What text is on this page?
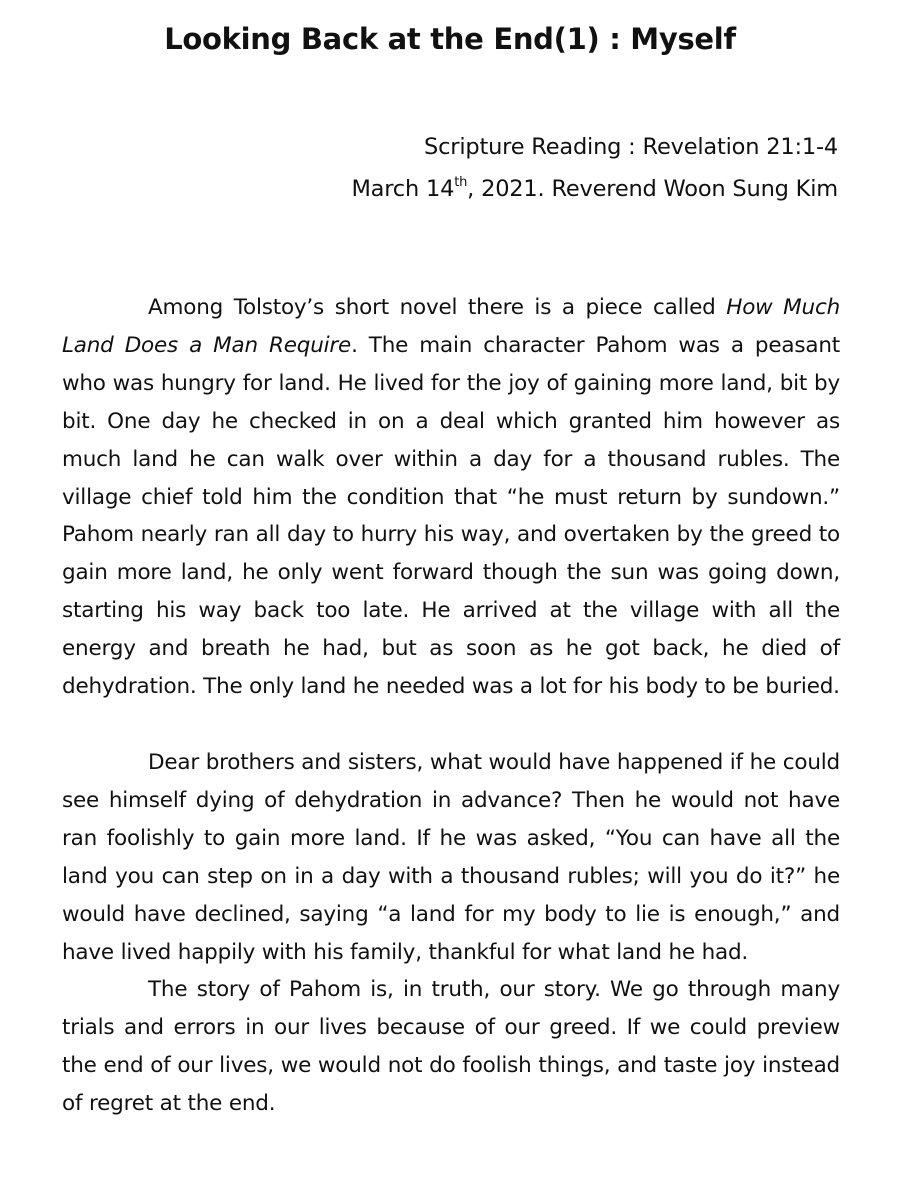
Looking Back at the End(1) : Myself
Scripture Reading : Revelation 21:1-4
March 14th, 2021. Reverend Woon Sung Kim

Among Tolstoy’s short novel there is a piece called How Much Land Does a Man Require. The main character Pahom was a peasant who was hungry for land. He lived for the joy of gaining more land, bit by bit. One day he checked in on a deal which granted him however as much land he can walk over within a day for a thousand rubles. The village chief told him the condition that “he must return by sundown.” Pahom nearly ran all day to hurry his way, and overtaken by the greed to gain more land, he only went forward though the sun was going down, starting his way back too late. He arrived at the village with all the energy and breath he had, but as soon as he got back, he died of dehydration. The only land he needed was a lot for his body to be buried.

Dear brothers and sisters, what would have happened if he could see himself dying of dehydration in advance? Then he would not have ran foolishly to gain more land. If he was asked, “You can have all the land you can step on in a day with a thousand rubles; will you do it?” he would have declined, saying “a land for my body to lie is enough,” and have lived happily with his family, thankful for what land he had.

The story of Pahom is, in truth, our story. We go through many trials and errors in our lives because of our greed. If we could preview the end of our lives, we would not do foolish things, and taste joy instead of regret at the end.
